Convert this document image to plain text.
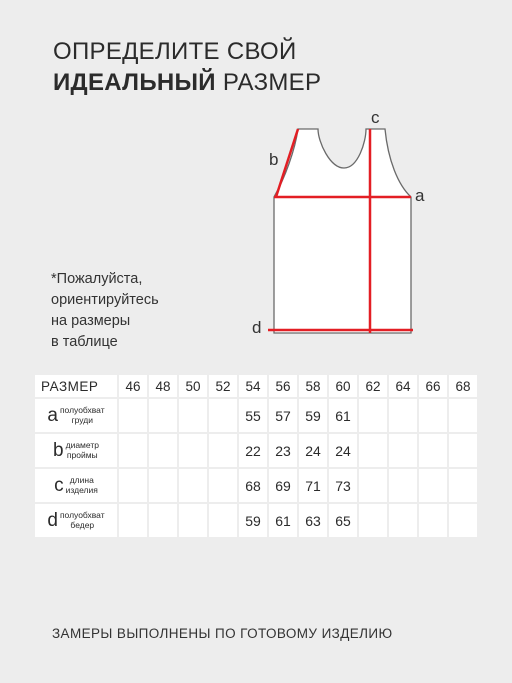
ОПРЕДЕЛИТЕ СВОЙ
ИДЕАЛЬНЫЙ РАЗМЕР
c
b
a
d
*Пожалуйста,
ориентируйтесь
на размеры
в таблице
РАЗМЕР	46	48	50	52	54	56	58	60	62	64	66	68
a полуобхват
груди					55	57	59	61				
b диаметр
проймы					22	23	24	24				
c длина
изделия					68	69	71	73				
d полуобхват
бедер					59	61	63	65				
ЗАМЕРЫ ВЫПОЛНЕНЫ ПО ГОТОВОМУ ИЗДЕЛИЮ
